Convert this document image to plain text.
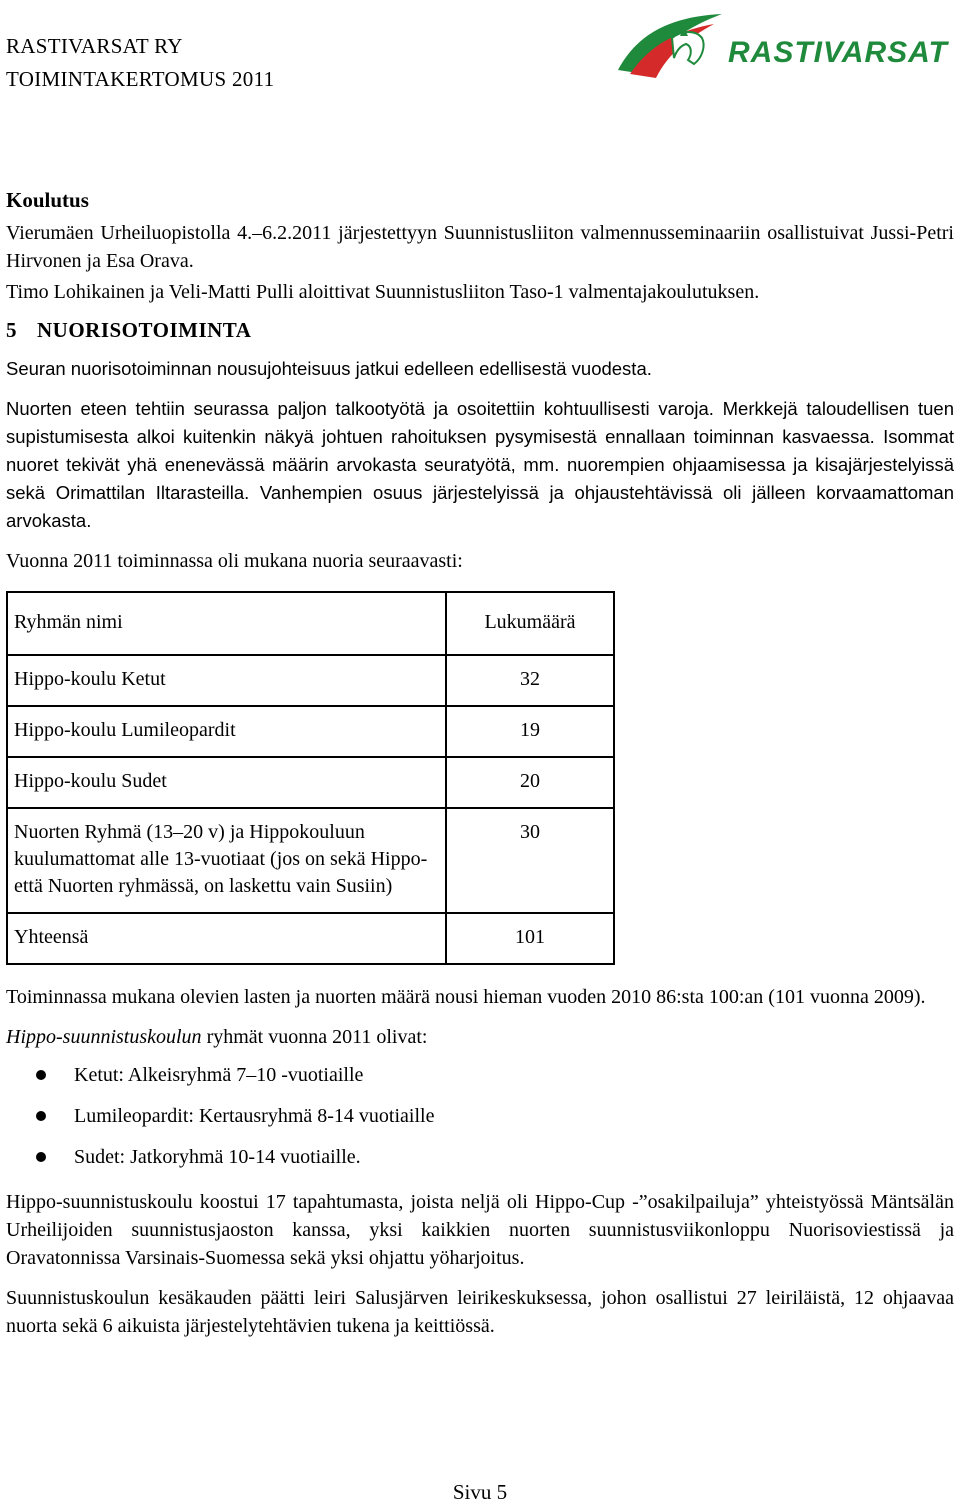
RASTIVARSAT RY
TOIMINTAKERTOMUS 2011
RASTIVARSAT
Koulutus

Vierumäen Urheiluopistolla 4.–6.2.2011 järjestettyyn Suunnistusliiton valmennusseminaariin osallistuivat Jussi-Petri Hirvonen ja Esa Orava.

Timo Lohikainen ja Veli-Matti Pulli aloittivat Suunnistusliiton Taso-1 valmentajakoulutuksen.

5 NUORISOTOIMINTA

Seuran nuorisotoiminnan nousujohteisuus jatkui edelleen edellisestä vuodesta.

Nuorten eteen tehtiin seurassa paljon talkootyötä ja osoitettiin kohtuullisesti varoja. Merkkejä taloudellisen tuen supistumisesta alkoi kuitenkin näkyä johtuen rahoituksen pysymisestä ennallaan toiminnan kasvaessa. Isommat nuoret tekivät yhä enenevässä määrin arvokasta seuratyötä, mm. nuorempien ohjaamisessa ja kisajärjestelyissä sekä Orimattilan Iltarasteilla. Vanhempien osuus järjestelyissä ja ohjaustehtävissä oli jälleen korvaamattoman arvokasta.

Vuonna 2011 toiminnassa oli mukana nuoria seuraavasti:

Ryhmän nimi	Lukumäärä
Hippo-koulu Ketut	32
Hippo-koulu Lumileopardit	19
Hippo-koulu Sudet	20
Nuorten Ryhmä (13–20 v) ja Hippokouluun kuulumattomat alle 13-vuotiaat (jos on sekä Hippo- että Nuorten ryhmässä, on laskettu vain Susiin)	30
Yhteensä	101

Toiminnassa mukana olevien lasten ja nuorten määrä nousi hieman vuoden 2010 86:sta 100:an (101 vuonna 2009).

Hippo-suunnistuskoulun ryhmät vuonna 2011 olivat:

Ketut: Alkeisryhmä 7–10 -vuotiaille
Lumileopardit: Kertausryhmä 8-14 vuotiaille
Sudet: Jatkoryhmä 10-14 vuotiaille.

Hippo-suunnistuskoulu koostui 17 tapahtumasta, joista neljä oli Hippo-Cup -”osakilpailuja” yhteistyössä Mäntsälän Urheilijoiden suunnistusjaoston kanssa, yksi kaikkien nuorten suunnistusviikonloppu Nuorisoviestissä ja Oravatonnissa Varsinais-Suomessa sekä yksi ohjattu yöharjoitus.

Suunnistuskoulun kesäkauden päätti leiri Salusjärven leirikeskuksessa, johon osallistui 27 leiriläistä, 12 ohjaavaa nuorta sekä 6 aikuista järjestelytehtävien tukena ja keittiössä.

Sivu 5
